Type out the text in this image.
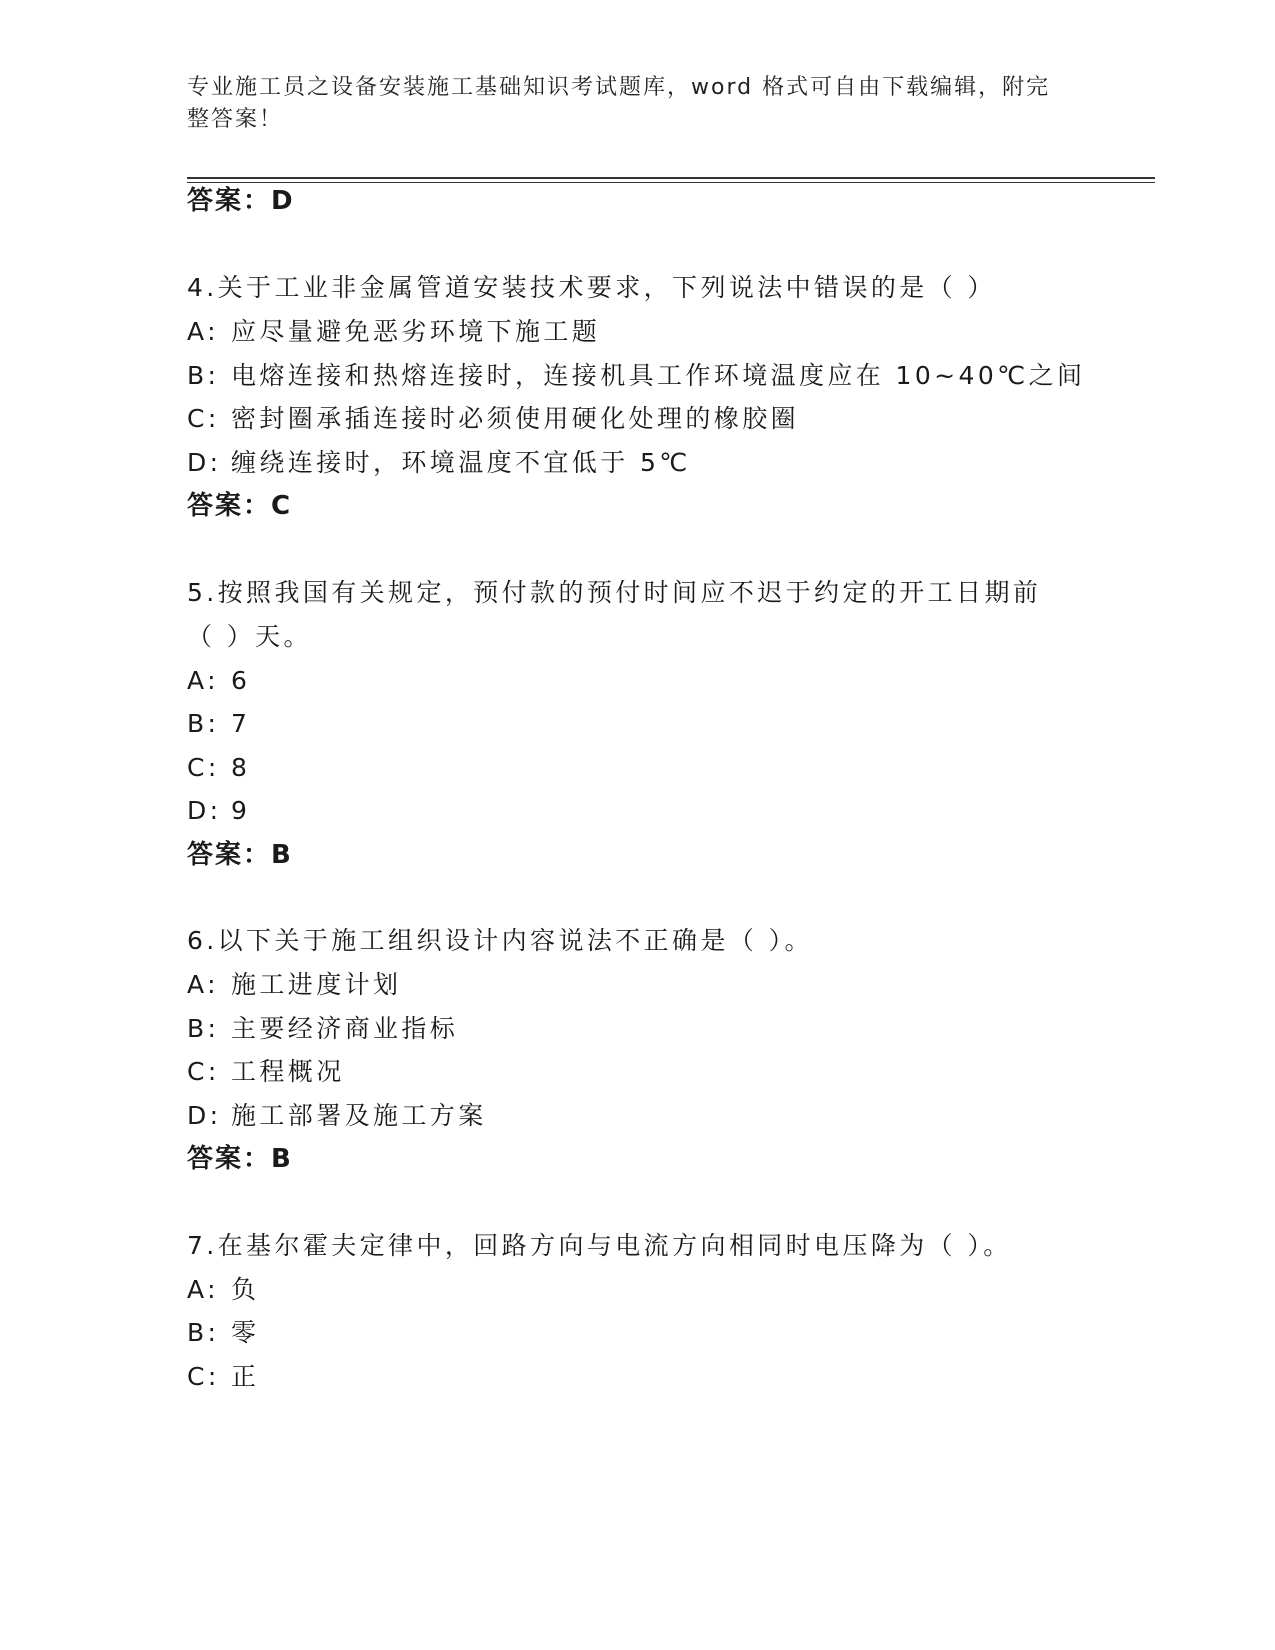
专业施工员之设备安装施工基础知识考试题库，word 格式可自由下载编辑，附完
整答案！
答案：D
4.关于工业非金属管道安装技术要求，下列说法中错误的是（ ）
A: 应尽量避免恶劣环境下施工题
B: 电熔连接和热熔连接时，连接机具工作环境温度应在 10~40℃之间
C: 密封圈承插连接时必须使用硬化处理的橡胶圈
D: 缠绕连接时，环境温度不宜低于 5℃
答案：C
5.按照我国有关规定，预付款的预付时间应不迟于约定的开工日期前
（ ）天。
A: 6
B: 7
C: 8
D: 9
答案：B
6.以下关于施工组织设计内容说法不正确是（ ）。
A: 施工进度计划
B: 主要经济商业指标
C: 工程概况
D: 施工部署及施工方案
答案：B
7.在基尔霍夫定律中，回路方向与电流方向相同时电压降为（ ）。
A: 负
B: 零
C: 正
